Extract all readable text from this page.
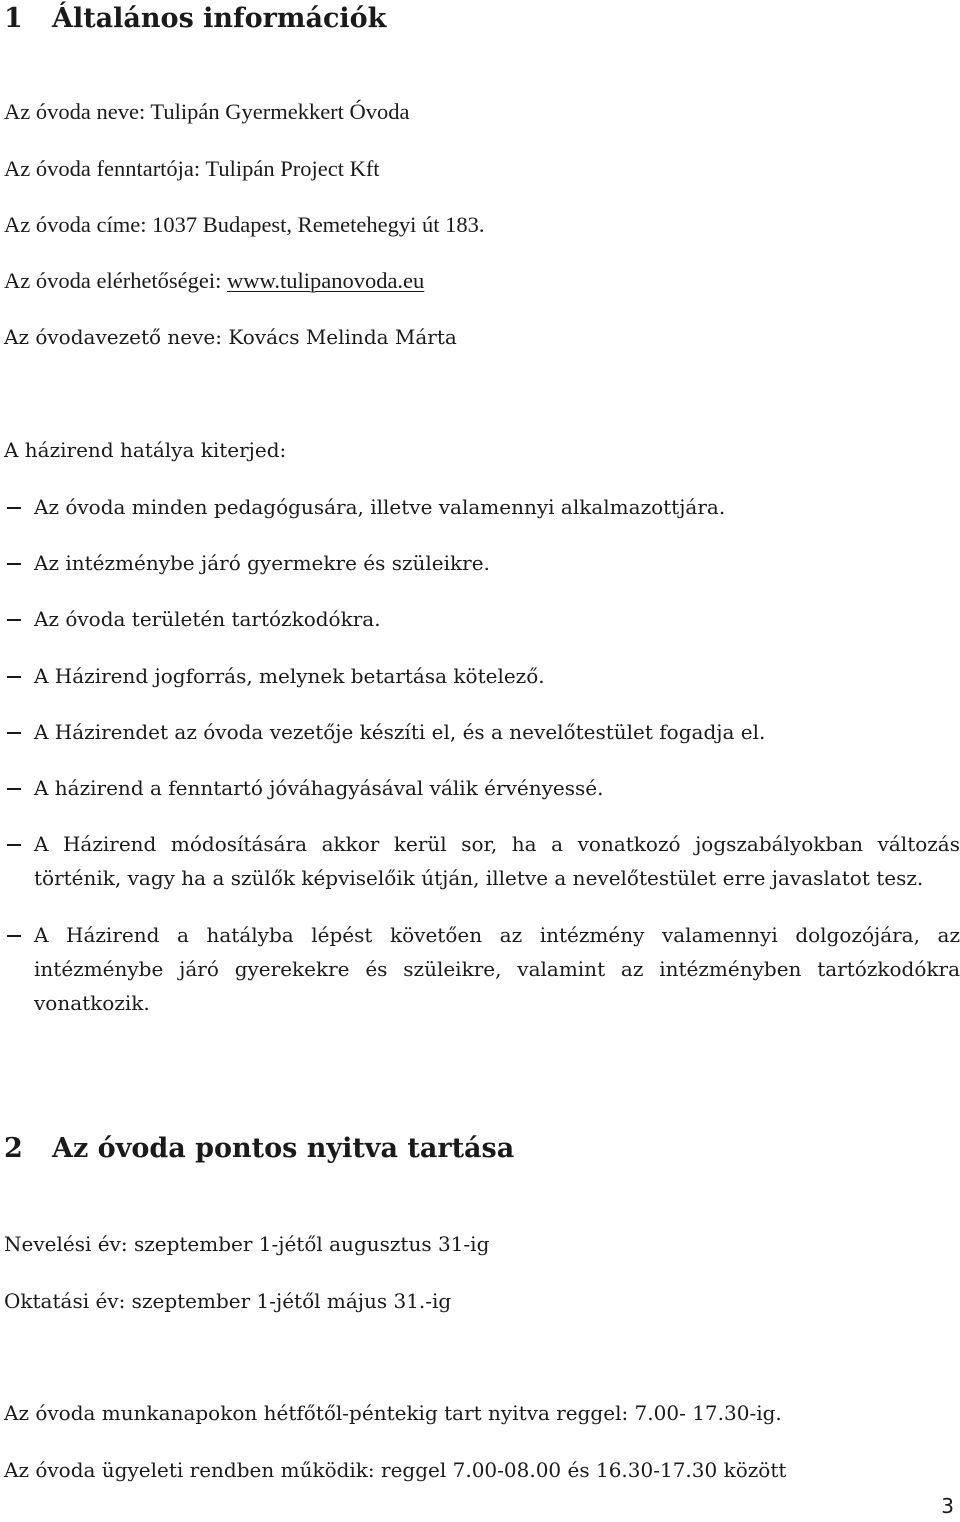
1 Általános információk
Az óvoda neve: Tulipán Gyermekkert Óvoda
Az óvoda fenntartója: Tulipán Project Kft
Az óvoda címe: 1037 Budapest, Remetehegyi út 183.
Az óvoda elérhetőségei: www.tulipanovoda.eu
Az óvodavezető neve: Kovács Melinda Márta
A házirend hatálya kiterjed:
Az óvoda minden pedagógusára, illetve valamennyi alkalmazottjára.
Az intézménybe járó gyermekre és szüleikre.
Az óvoda területén tartózkodókra.
A Házirend jogforrás, melynek betartása kötelező.
A Házirendet az óvoda vezetője készíti el, és a nevelőtestület fogadja el.
A házirend a fenntartó jóváhagyásával válik érvényessé.
A Házirend módosítására akkor kerül sor, ha a vonatkozó jogszabályokban változás
történik, vagy ha a szülők képviselőik útján, illetve a nevelőtestület erre javaslatot tesz.
A Házirend a hatályba lépést követően az intézmény valamennyi dolgozójára, az
intézménybe járó gyerekekre és szüleikre, valamint az intézményben tartózkodókra
vonatkozik.
2 Az óvoda pontos nyitva tartása
Nevelési év: szeptember 1-jétől augusztus 31-ig
Oktatási év: szeptember 1-jétől május 31.-ig
Az óvoda munkanapokon hétfőtől-péntekig tart nyitva reggel: 7.00- 17.30-ig.
Az óvoda ügyeleti rendben működik: reggel 7.00-08.00 és 16.30-17.30 között
3
